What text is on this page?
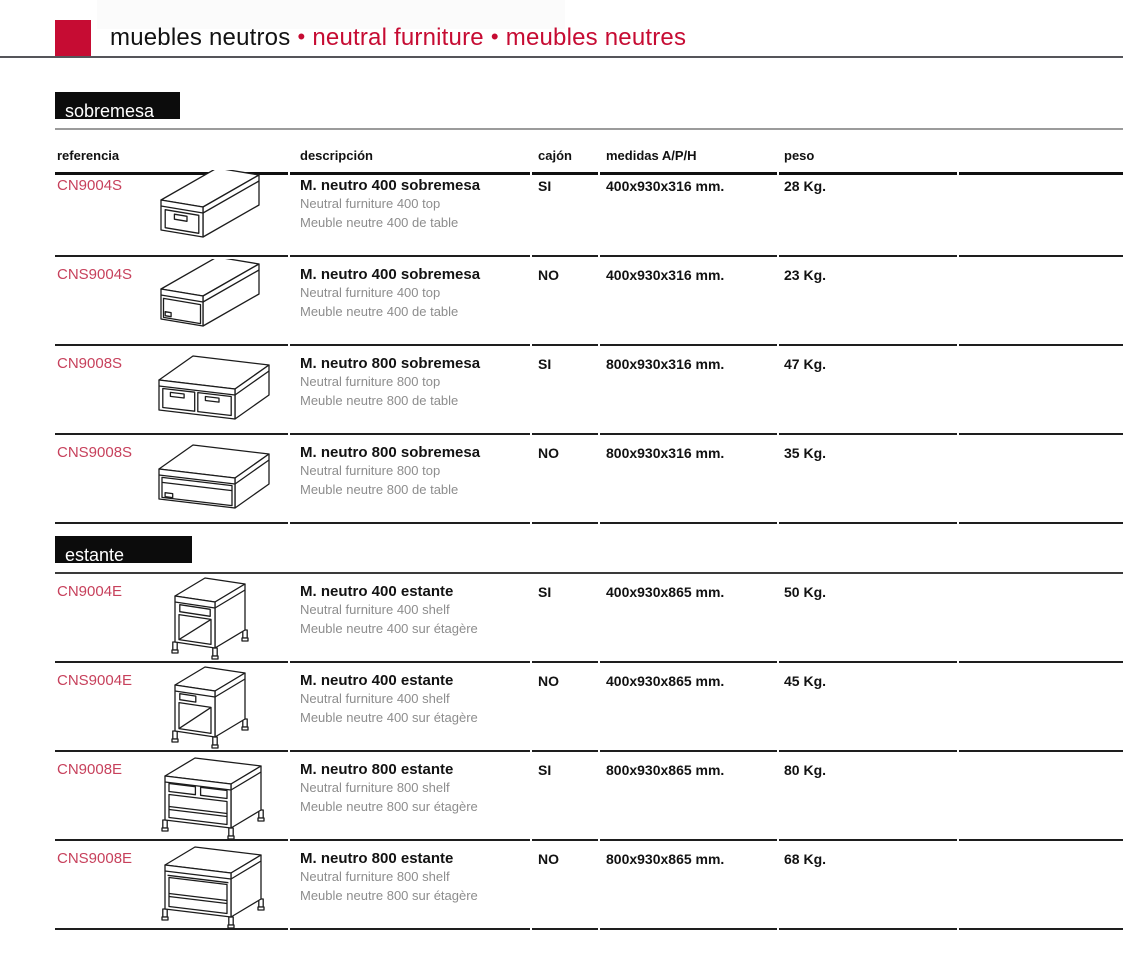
muebles neutros • neutral furniture • meubles neutres
sobremesa
referencia	descripción	cajón	medidas A/P/H	peso
CN9004S	M. neutro 400 sobremesa
Neutral furniture 400 top
Meuble neutre 400 de table
SI	400x930x316 mm.	28 Kg.
CNS9004S	M. neutro 400 sobremesa
Neutral furniture 400 top
Meuble neutre 400 de table
NO	400x930x316 mm.	23 Kg.
CN9008S	M. neutro 800 sobremesa
Neutral furniture 800 top
Meuble neutre 800 de table
SI	800x930x316 mm.	47 Kg.
CNS9008S	M. neutro 800 sobremesa
Neutral furniture 800 top
Meuble neutre 800 de table
NO	800x930x316 mm.	35 Kg.
estante
CN9004E	M. neutro 400 estante
Neutral furniture 400 shelf
Meuble neutre 400 sur étagère
SI	400x930x865 mm.	50 Kg.
CNS9004E	M. neutro 400 estante
Neutral furniture 400 shelf
Meuble neutre 400 sur étagère
NO	400x930x865 mm.	45 Kg.
CN9008E	M. neutro 800 estante
Neutral furniture 800 shelf
Meuble neutre 800 sur étagère
SI	800x930x865 mm.	80 Kg.
CNS9008E	M. neutro 800 estante
Neutral furniture 800 shelf
Meuble neutre 800 sur étagère
NO	800x930x865 mm.	68 Kg.
